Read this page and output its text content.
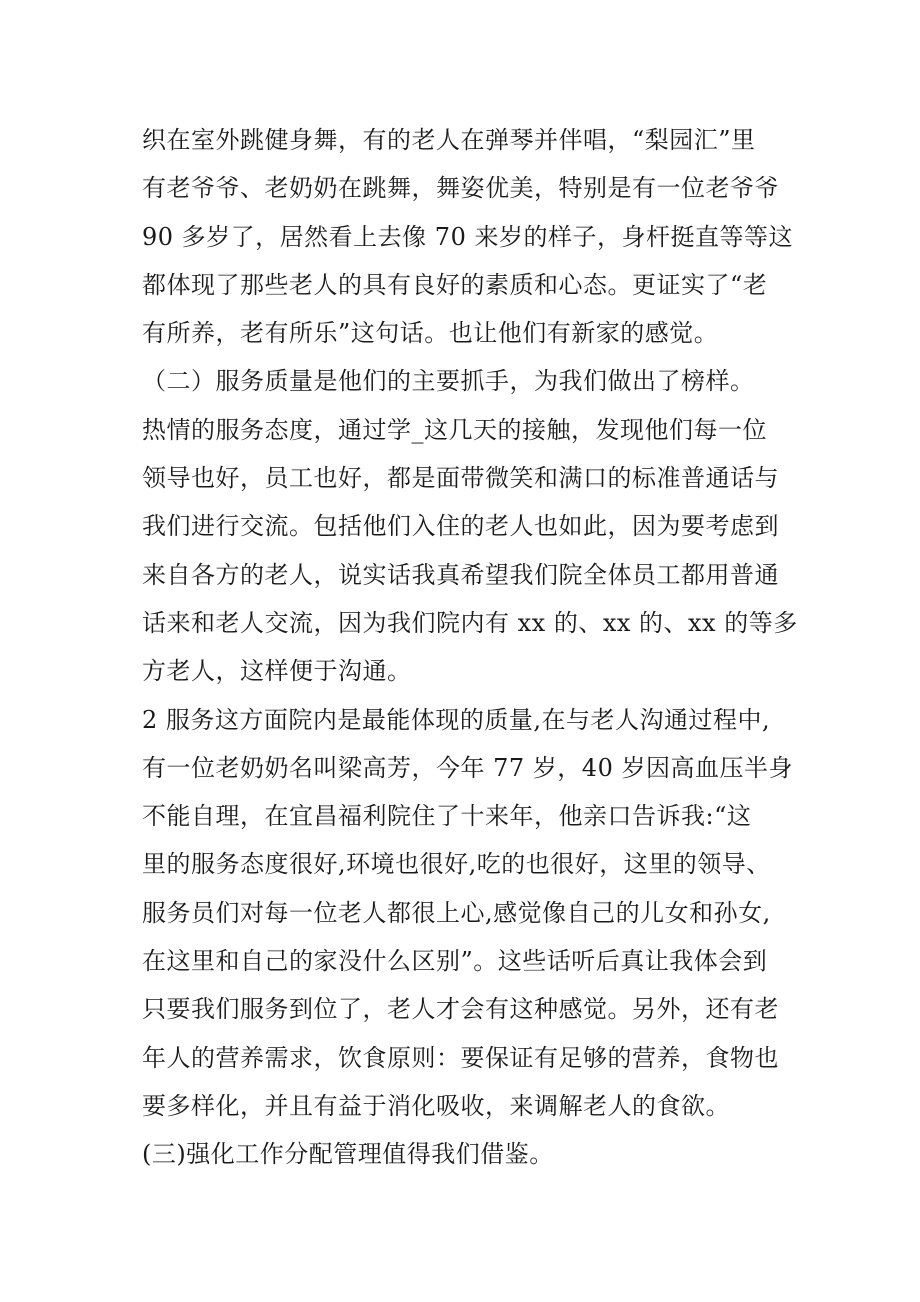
织在室外跳健身舞，有的老人在弹琴并伴唱，“梨园汇”里
有老爷爷、老奶奶在跳舞，舞姿优美，特别是有一位老爷爷
90 多岁了，居然看上去像 70 来岁的样子，身杆挺直等等这
都体现了那些老人的具有良好的素质和心态。更证实了“老
有所养，老有所乐”这句话。也让他们有新家的感觉。
（二）服务质量是他们的主要抓手，为我们做出了榜样。
热情的服务态度，通过学_这几天的接触，发现他们每一位
领导也好，员工也好，都是面带微笑和满口的标准普通话与
我们进行交流。包括他们入住的老人也如此，因为要考虑到
来自各方的老人，说实话我真希望我们院全体员工都用普通
话来和老人交流，因为我们院内有 xx 的、xx 的、xx 的等多
方老人，这样便于沟通。
2 服务这方面院内是最能体现的质量,在与老人沟通过程中,
有一位老奶奶名叫梁高芳，今年 77 岁，40 岁因高血压半身
不能自理，在宜昌福利院住了十来年，他亲口告诉我:“这
里的服务态度很好,环境也很好,吃的也很好，这里的领导、
服务员们对每一位老人都很上心,感觉像自己的儿女和孙女,
在这里和自己的家没什么区别”。这些话听后真让我体会到
只要我们服务到位了，老人才会有这种感觉。另外，还有老
年人的营养需求，饮食原则：要保证有足够的营养，食物也
要多样化，并且有益于消化吸收，来调解老人的食欲。
(三)强化工作分配管理值得我们借鉴。
